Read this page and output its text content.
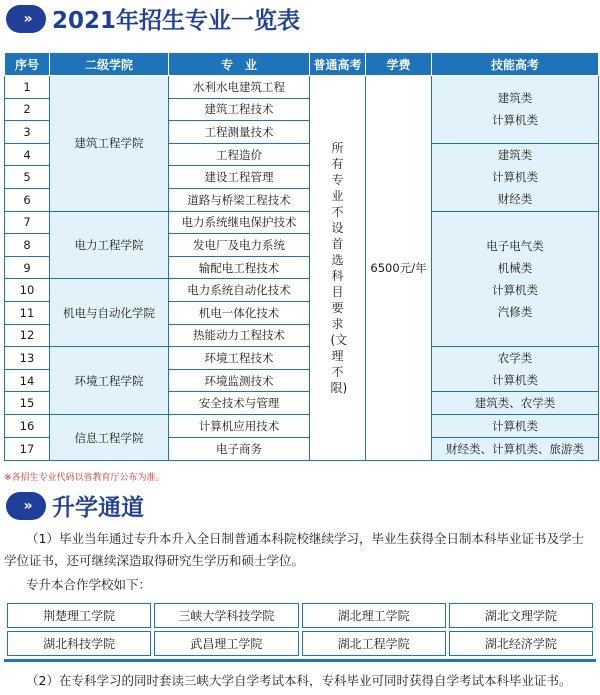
» 2021年招生专业一览表
序号	二级学院	专　业	普通高考	学费	技能高考
1	建筑工程学院	水利水电建筑工程	所有专业不设首选科目要求(文理不限)	6500元/年	建筑类
计算机类

2		建筑工程技术			
3		工程测量技术			
4		工程造价			建筑类
计算机类
财经类

5		建设工程管理			
6		道路与桥梁工程技术			
7	电力工程学院	电力系统继电保护技术			电子电气类
机械类
计算机类
汽修类

8		发电厂及电力系统			
9		输配电工程技术			
10	机电与自动化学院	电力系统自动化技术			
11		机电一体化技术			
12		热能动力工程技术			
13	环境工程学院	环境工程技术			农学类
计算机类

14		环境监测技术			
15		安全技术与管理			建筑类、农学类
16	信息工程学院	计算机应用技术			计算机类
17		电子商务			财经类、计算机类、旅游类
※各招生专业代码以省教育厅公布为准。
» 升学通道
（1）毕业当年通过专升本升入全日制普通本科院校继续学习，毕业生获得全日制本科毕业证书及学士学位证书，还可继续深造取得研究生学历和硕士学位。
专升本合作学校如下：
荆楚理工学院	三峡大学科技学院	湖北理工学院	湖北文理学院
湖北科技学院	武昌理工学院	湖北工程学院	湖北经济学院
（2）在专科学习的同时套读三峡大学自学考试本科，专科毕业可同时获得自学考试本科毕业证书。
